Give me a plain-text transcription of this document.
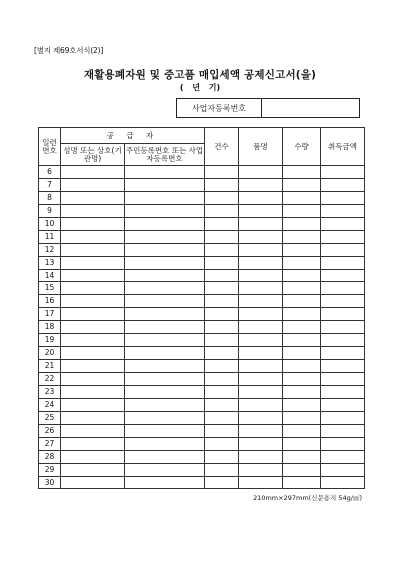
[별지 제69호서식(2)]
재활용폐자원 및 중고품 매입세액 공제신고서(을)
( 년 기)
사업자등록번호
일련번호	공 급 자		건수	품명	수량	취득금액
	성명 또는 상호(기관명)	주민등록번호 또는 사업자등록번호				
6						
7						
8						
9						
10						
11						
12						
13						
14						
15						
16						
17						
18						
19						
20						
21						
22						
23						
24						
25						
26						
27						
28						
29						
30						
210mm×297mm(신문용지 54g/㎡)
